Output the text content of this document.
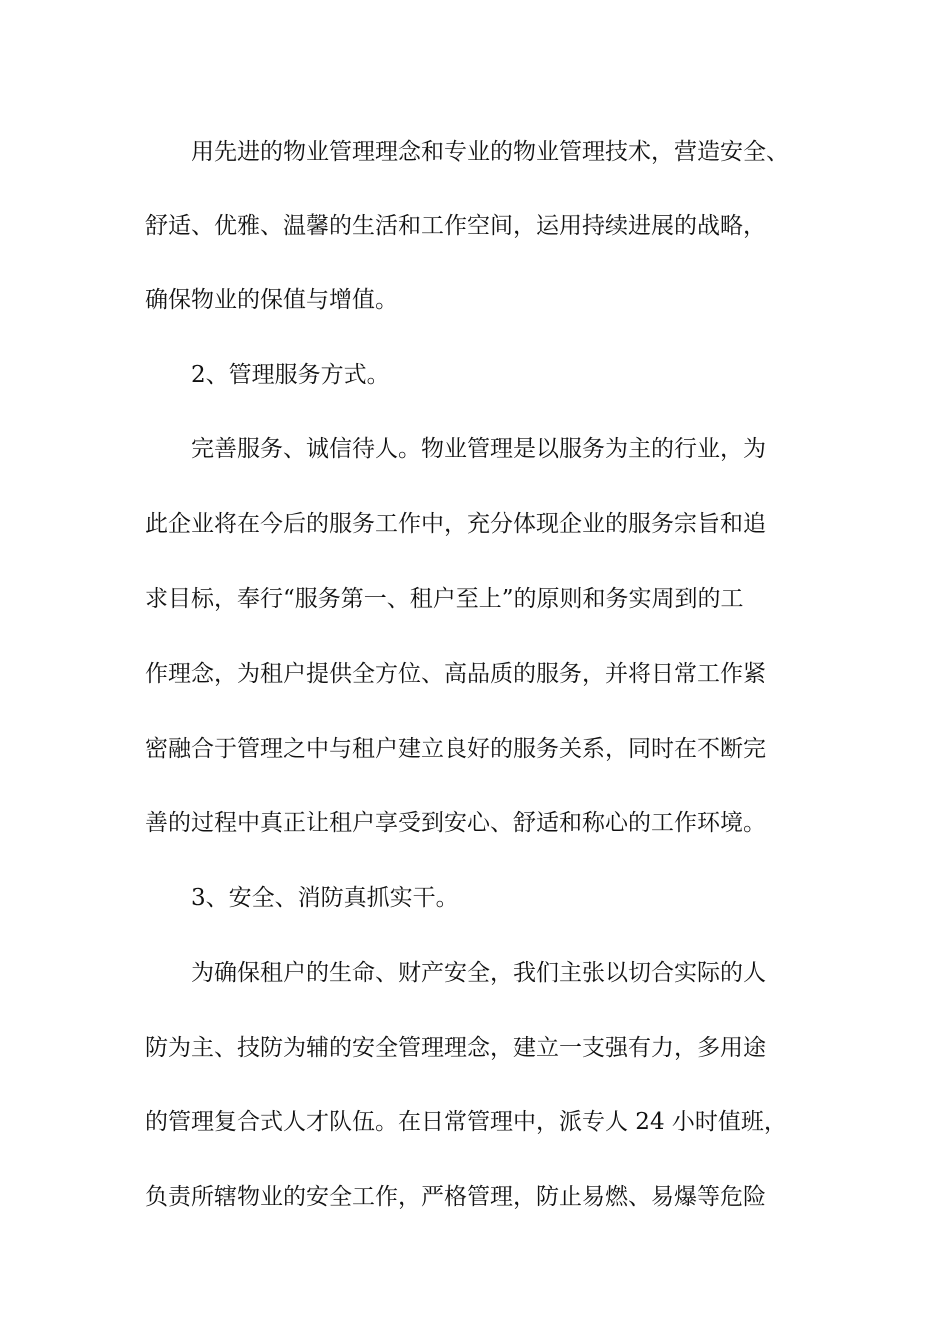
　　用先进的物业管理理念和专业的物业管理技术，营造安全、
舒适、优雅、温馨的生活和工作空间，运用持续进展的战略，
确保物业的保值与增值。
　　2、管理服务方式。
　　完善服务、诚信待人。物业管理是以服务为主的行业，为
此企业将在今后的服务工作中，充分体现企业的服务宗旨和追
求目标，奉行“服务第一、租户至上”的原则和务实周到的工
作理念，为租户提供全方位、高品质的服务，并将日常工作紧
密融合于管理之中与租户建立良好的服务关系，同时在不断完
善的过程中真正让租户享受到安心、舒适和称心的工作环境。
　　3、安全、消防真抓实干。
　　为确保租户的生命、财产安全，我们主张以切合实际的人
防为主、技防为辅的安全管理理念，建立一支强有力，多用途
的管理复合式人才队伍。在日常管理中，派专人 24 小时值班，
负责所辖物业的安全工作，严格管理，防止易燃、易爆等危险
